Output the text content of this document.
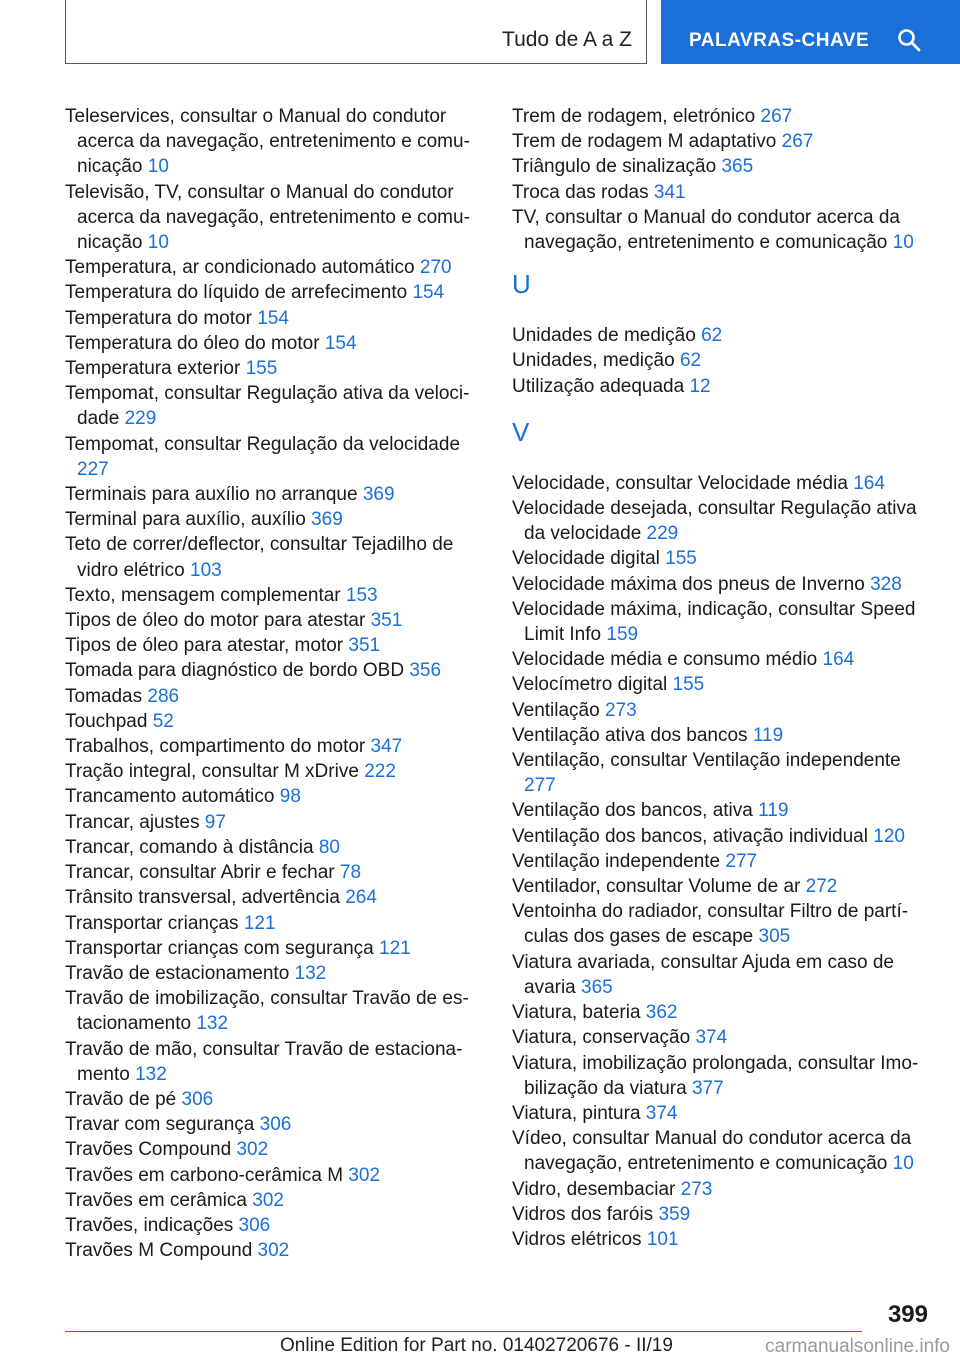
Tudo de A a Z	PALAVRAS-CHAVE
Teleservices, consultar o Manual do condutor acerca da navegação, entretenimento e comunicação 10
Televisão, TV, consultar o Manual do condutor acerca da navegação, entretenimento e comunicação 10
Temperatura, ar condicionado automático 270
Temperatura do líquido de arrefecimento 154
Temperatura do motor 154
Temperatura do óleo do motor 154
Temperatura exterior 155
Tempomat, consultar Regulação ativa da velocidade 229
Tempomat, consultar Regulação da velocidade 227
Terminais para auxílio no arranque 369
Terminal para auxílio, auxílio 369
Teto de correr/deflector, consultar Tejadilho de vidro elétrico 103
Texto, mensagem complementar 153
Tipos de óleo do motor para atestar 351
Tipos de óleo para atestar, motor 351
Tomada para diagnóstico de bordo OBD 356
Tomadas 286
Touchpad 52
Trabalhos, compartimento do motor 347
Tração integral, consultar M xDrive 222
Trancamento automático 98
Trancar, ajustes 97
Trancar, comando à distância 80
Trancar, consultar Abrir e fechar 78
Trânsito transversal, advertência 264
Transportar crianças 121
Transportar crianças com segurança 121
Travão de estacionamento 132
Travão de imobilização, consultar Travão de estacionamento 132
Travão de mão, consultar Travão de estacionamento 132
Travão de pé 306
Travar com segurança 306
Travões Compound 302
Travões em carbono-cerâmica M 302
Travões em cerâmica 302
Travões, indicações 306
Travões M Compound 302
Trem de rodagem, eletrónico 267
Trem de rodagem M adaptativo 267
Triângulo de sinalização 365
Troca das rodas 341
TV, consultar o Manual do condutor acerca da navegação, entretenimento e comunicação 10
U
Unidades de medição 62
Unidades, medição 62
Utilização adequada 12
V
Velocidade, consultar Velocidade média 164
Velocidade desejada, consultar Regulação ativa da velocidade 229
Velocidade digital 155
Velocidade máxima dos pneus de Inverno 328
Velocidade máxima, indicação, consultar Speed Limit Info 159
Velocidade média e consumo médio 164
Velocímetro digital 155
Ventilação 273
Ventilação ativa dos bancos 119
Ventilação, consultar Ventilação independente 277
Ventilação dos bancos, ativa 119
Ventilação dos bancos, ativação individual 120
Ventilação independente 277
Ventilador, consultar Volume de ar 272
Ventoinha do radiador, consultar Filtro de partículas dos gases de escape 305
Viatura avariada, consultar Ajuda em caso de avaria 365
Viatura, bateria 362
Viatura, conservação 374
Viatura, imobilização prolongada, consultar Imobilização da viatura 377
Viatura, pintura 374
Vídeo, consultar Manual do condutor acerca da navegação, entretenimento e comunicação 10
Vidro, desembaciar 273
Vidros dos faróis 359
Vidros elétricos 101
399
Online Edition for Part no. 01402720676 - II/19	carmanualsonline.info
